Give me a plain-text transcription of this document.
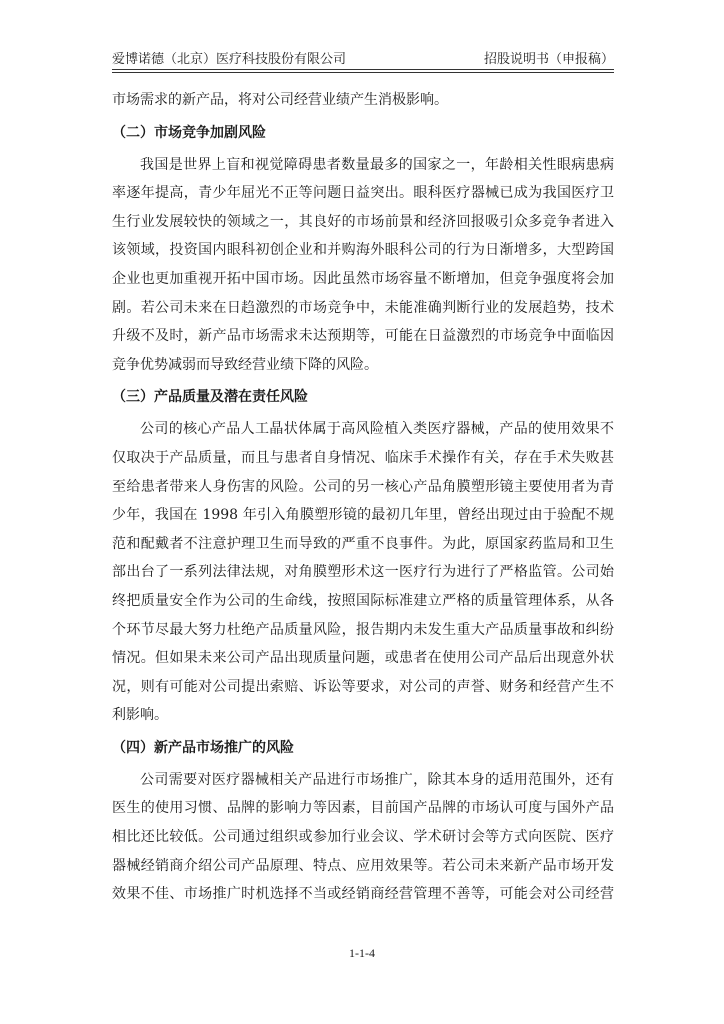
爱博诺德（北京）医疗科技股份有限公司	招股说明书（申报稿）
市场需求的新产品，将对公司经营业绩产生消极影响。
（二）市场竞争加剧风险
我国是世界上盲和视觉障碍患者数量最多的国家之一，年龄相关性眼病患病
率逐年提高，青少年屈光不正等问题日益突出。眼科医疗器械已成为我国医疗卫
生行业发展较快的领域之一，其良好的市场前景和经济回报吸引众多竞争者进入
该领域，投资国内眼科初创企业和并购海外眼科公司的行为日渐增多，大型跨国
企业也更加重视开拓中国市场。因此虽然市场容量不断增加，但竞争强度将会加
剧。若公司未来在日趋激烈的市场竞争中，未能准确判断行业的发展趋势，技术
升级不及时，新产品市场需求未达预期等，可能在日益激烈的市场竞争中面临因
竞争优势减弱而导致经营业绩下降的风险。
（三）产品质量及潜在责任风险
公司的核心产品人工晶状体属于高风险植入类医疗器械，产品的使用效果不
仅取决于产品质量，而且与患者自身情况、临床手术操作有关，存在手术失败甚
至给患者带来人身伤害的风险。公司的另一核心产品角膜塑形镜主要使用者为青
少年，我国在 1998 年引入角膜塑形镜的最初几年里，曾经出现过由于验配不规
范和配戴者不注意护理卫生而导致的严重不良事件。为此，原国家药监局和卫生
部出台了一系列法律法规，对角膜塑形术这一医疗行为进行了严格监管。公司始
终把质量安全作为公司的生命线，按照国际标准建立严格的质量管理体系，从各
个环节尽最大努力杜绝产品质量风险，报告期内未发生重大产品质量事故和纠纷
情况。但如果未来公司产品出现质量问题，或患者在使用公司产品后出现意外状
况，则有可能对公司提出索赔、诉讼等要求，对公司的声誉、财务和经营产生不
利影响。
（四）新产品市场推广的风险
公司需要对医疗器械相关产品进行市场推广，除其本身的适用范围外，还有
医生的使用习惯、品牌的影响力等因素，目前国产品牌的市场认可度与国外产品
相比还比较低。公司通过组织或参加行业会议、学术研讨会等方式向医院、医疗
器械经销商介绍公司产品原理、特点、应用效果等。若公司未来新产品市场开发
效果不佳、市场推广时机选择不当或经销商经营管理不善等，可能会对公司经营
1-1-4
